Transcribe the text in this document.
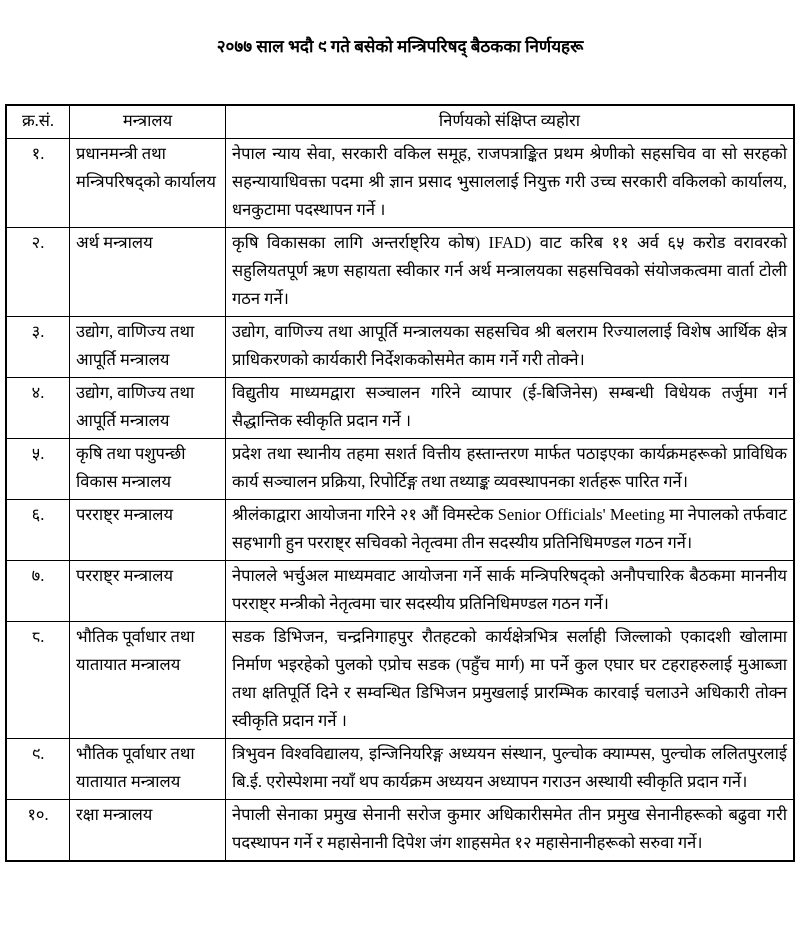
२०७७ साल भदौ ९ गते बसेको मन्त्रिपरिषद् बैठकका निर्णयहरू
क्र.सं.	मन्त्रालय	निर्णयको संक्षिप्त व्यहोरा
१.	प्रधानमन्त्री तथा मन्त्रिपरिषद्को कार्यालय	नेपाल न्याय सेवा, सरकारी वकिल समूह, राजपत्राङ्कित प्रथम श्रेणीको सहसचिव वा सो सरहको सहन्यायाधिवक्ता पदमा श्री ज्ञान प्रसाद भुसाललाई नियुक्त गरी उच्च सरकारी वकिलको कार्यालय, धनकुटामा पदस्थापन गर्ने ।
२.	अर्थ मन्त्रालय	कृषि विकासका लागि अन्तर्राष्ट्रिय कोष) IFAD) वाट करिब ११ अर्व ६५ करोड वरावरको सहुलियतपूर्ण ऋण सहायता स्वीकार गर्न अर्थ मन्त्रालयका सहसचिवको संयोजकत्वमा वार्ता टोली गठन गर्ने।
३.	उद्योग, वाणिज्य तथा आपूर्ति मन्त्रालय	उद्योग, वाणिज्य तथा आपूर्ति मन्त्रालयका सहसचिव श्री बलराम रिज्याललाई विशेष आर्थिक क्षेत्र प्राधिकरणको कार्यकारी निर्देशककोसमेत काम गर्ने गरी तोक्ने।
४.	उद्योग, वाणिज्य तथा आपूर्ति मन्त्रालय	विद्युतीय माध्यमद्वारा सञ्चालन गरिने व्यापार (ई-बिजिनेस) सम्बन्धी विधेयक तर्जुमा गर्न सैद्धान्तिक स्वीकृति प्रदान गर्ने ।
५.	कृषि तथा पशुपन्छी विकास मन्त्रालय	प्रदेश तथा स्थानीय तहमा सशर्त वित्तीय हस्तान्तरण मार्फत पठाइएका कार्यक्रमहरूको प्राविधिक कार्य सञ्चालन प्रक्रिया, रिपोर्टिङ्ग तथा तथ्याङ्क व्यवस्थापनका शर्तहरू पारित गर्ने।
६.	परराष्ट्र मन्त्रालय	श्रीलंकाद्वारा आयोजना गरिने २१ औं विमस्टेक Senior Officials' Meeting मा नेपालको तर्फवाट सहभागी हुन परराष्ट्र सचिवको नेतृत्वमा तीन सदस्यीय प्रतिनिधिमण्डल गठन गर्ने।
७.	परराष्ट्र मन्त्रालय	नेपालले भर्चुअल माध्यमवाट आयोजना गर्ने सार्क मन्त्रिपरिषद्को अनौपचारिक बैठकमा माननीय परराष्ट्र मन्त्रीको नेतृत्वमा चार सदस्यीय प्रतिनिधिमण्डल गठन गर्ने।
८.	भौतिक पूर्वाधार तथा यातायात मन्त्रालय	सडक डिभिजन, चन्द्रनिगाहपुर रौतहटको कार्यक्षेत्रभित्र सर्लाही जिल्लाको एकादशी खोलामा निर्माण भइरहेको पुलको एप्रोच सडक (पहुँच मार्ग) मा पर्ने कुल एघार घर टहराहरुलाई मुआब्जा तथा क्षतिपूर्ति दिने र सम्वन्धित डिभिजन प्रमुखलाई प्रारम्भिक कारवाई चलाउने अधिकारी तोक्न स्वीकृति प्रदान गर्ने ।
९.	भौतिक पूर्वाधार तथा यातायात मन्त्रालय	त्रिभुवन विश्वविद्यालय, इन्जिनियरिङ्ग अध्ययन संस्थान, पुल्चोक क्याम्पस, पुल्चोक ललितपुरलाई बि.ई. एरोस्पेशमा नयाँ थप कार्यक्रम अध्ययन अध्यापन गराउन अस्थायी स्वीकृति प्रदान गर्ने।
१०.	रक्षा मन्त्रालय	नेपाली सेनाका प्रमुख सेनानी सरोज कुमार अधिकारीसमेत तीन प्रमुख सेनानीहरूको बढुवा गरी पदस्थापन गर्ने र महासेनानी दिपेश जंग शाहसमेत १२ महासेनानीहरूको सरुवा गर्ने।
